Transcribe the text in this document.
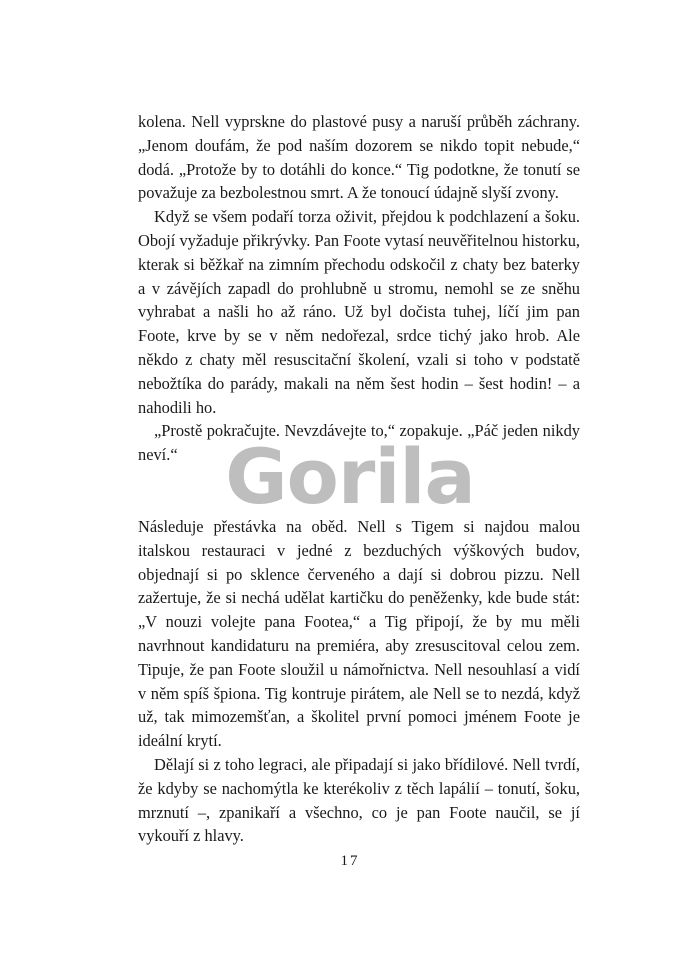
kolena. Nell vyprskne do plastové pusy a naruší průběh záchrany. „Jenom doufám, že pod naším dozorem se nikdo topit nebude,“ dodá. „Protože by to dotáhli do konce.“ Tig podotkne, že tonutí se považuje za bezbolestnou smrt. A že tonoucí údajně slyší zvony.

Když se všem podaří torza oživit, přejdou k podchlazení a šoku. Obojí vyžaduje přikrývky. Pan Foote vytasí neuvěřitelnou historku, kterak si běžkař na zimním přechodu odskočil z chaty bez baterky a v závějích zapadl do prohlubně u stromu, nemohl se ze sněhu vyhrabat a našli ho až ráno. Už byl dočista tuhej, líčí jim pan Foote, krve by se v něm nedořezal, srdce tichý jako hrob. Ale někdo z chaty měl resuscitační školení, vzali si toho v podstatě nebožtíka do parády, makali na něm šest hodin – šest hodin! – a nahodili ho.

„Prostě pokračujte. Nevzdávejte to,“ zopakuje. „Páč jeden nikdy neví.“ Gorila

Následuje přestávka na oběd. Nell s Tigem si najdou malou italskou restauraci v jedné z bezduchých výškových budov, objednají si po sklence červeného a dají si dobrou pizzu. Nell zažertuje, že si nechá udělat kartičku do peněženky, kde bude stát: „V nouzi volejte pana Footea,“ a Tig připojí, že by mu měli navrhnout kandidaturu na premiéra, aby zresuscitoval celou zem. Tipuje, že pan Foote sloužil u námořnictva. Nell nesouhlasí a vidí v něm spíš špiona. Tig kontruje pirátem, ale Nell se to nezdá, když už, tak mimozemšťan, a školitel první pomoci jménem Foote je ideální krytí.

Dělají si z toho legraci, ale připadají si jako břídilové. Nell tvrdí, že kdyby se nachomýtla ke kterékoliv z těch lapálií – tonutí, šoku, mrznutí –, zpanikaří a všechno, co je pan Foote naučil, se jí vykouří z hlavy.

17
